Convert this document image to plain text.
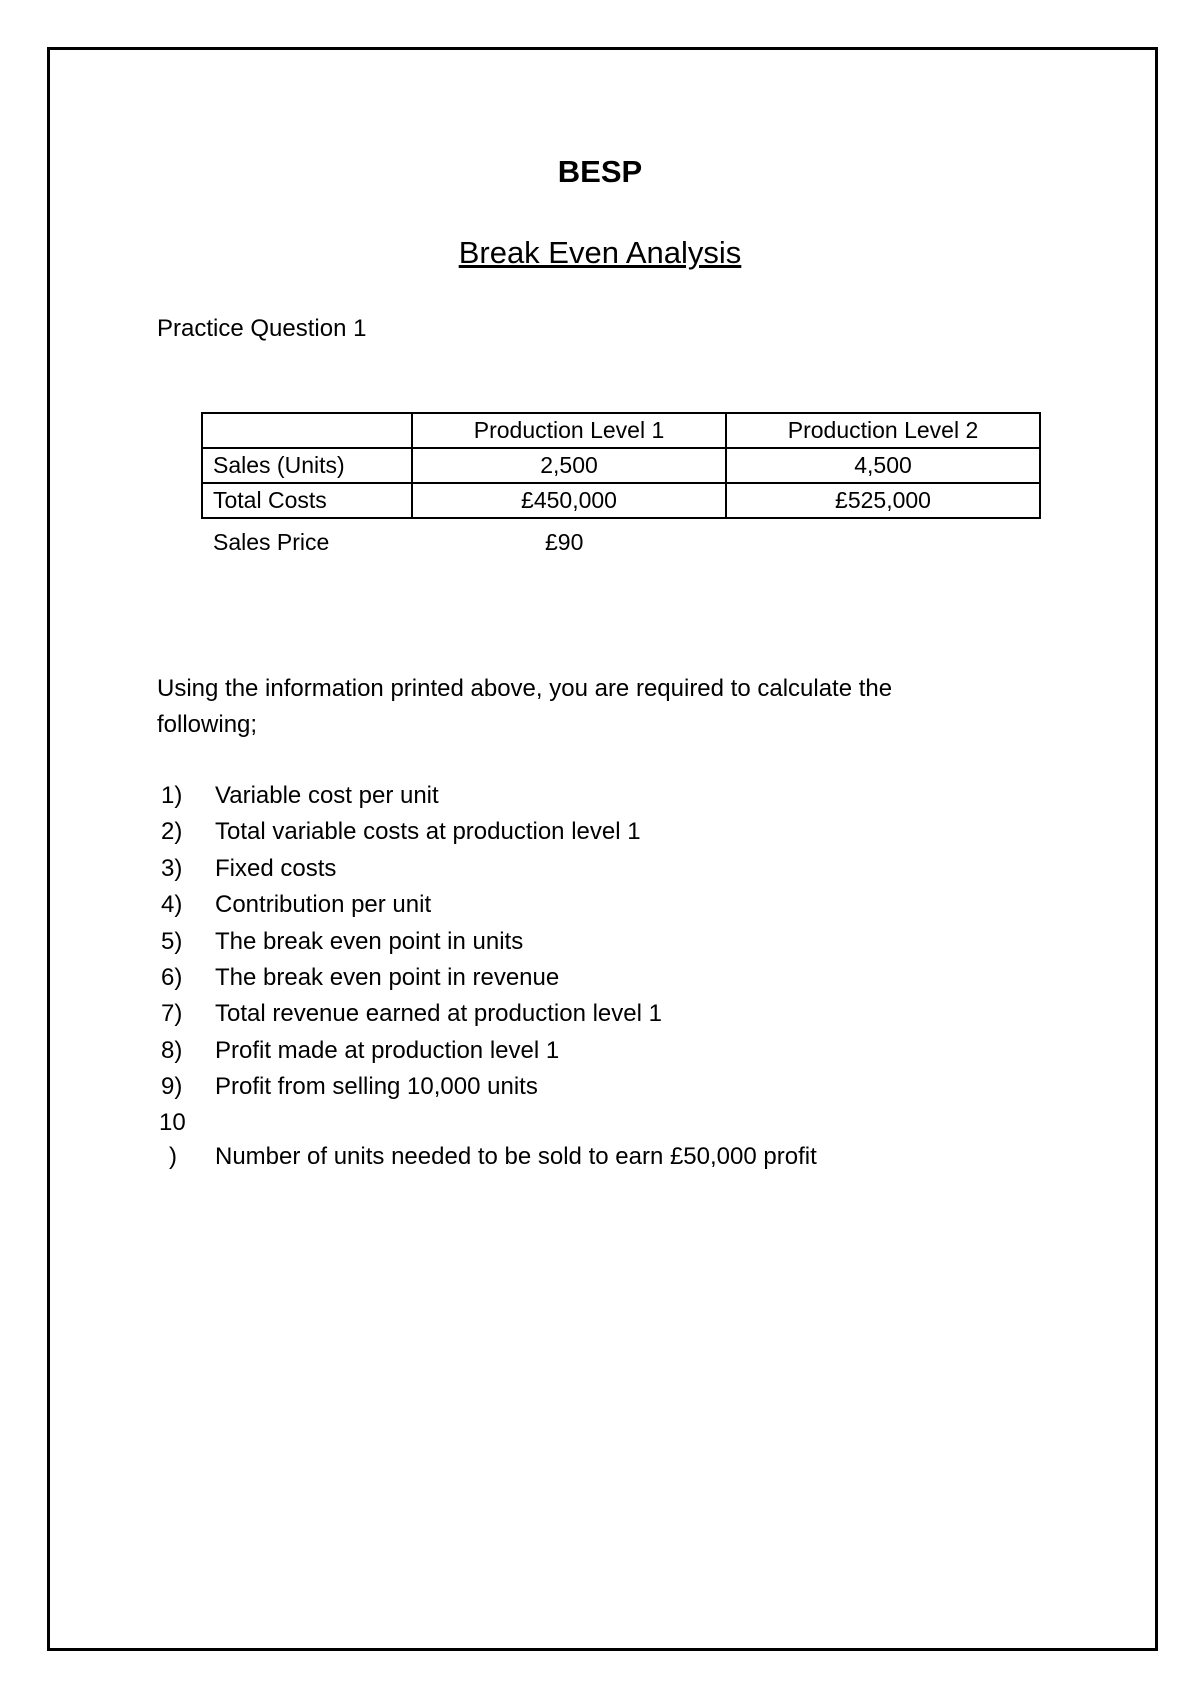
BESP
Break Even Analysis
Practice Question 1
	Production Level 1	Production Level 2
Sales (Units)	2,500	4,500
Total Costs	£450,000	£525,000
Sales Price	£90
Using the information printed above, you are required to calculate the following;
1) Variable cost per unit
2) Total variable costs at production level 1
3) Fixed costs
4) Contribution per unit
5) The break even point in units
6) The break even point in revenue
7) Total revenue earned at production level 1
8) Profit made at production level 1
9) Profit from selling 10,000 units
10
) Number of units needed to be sold to earn £50,000 profit
